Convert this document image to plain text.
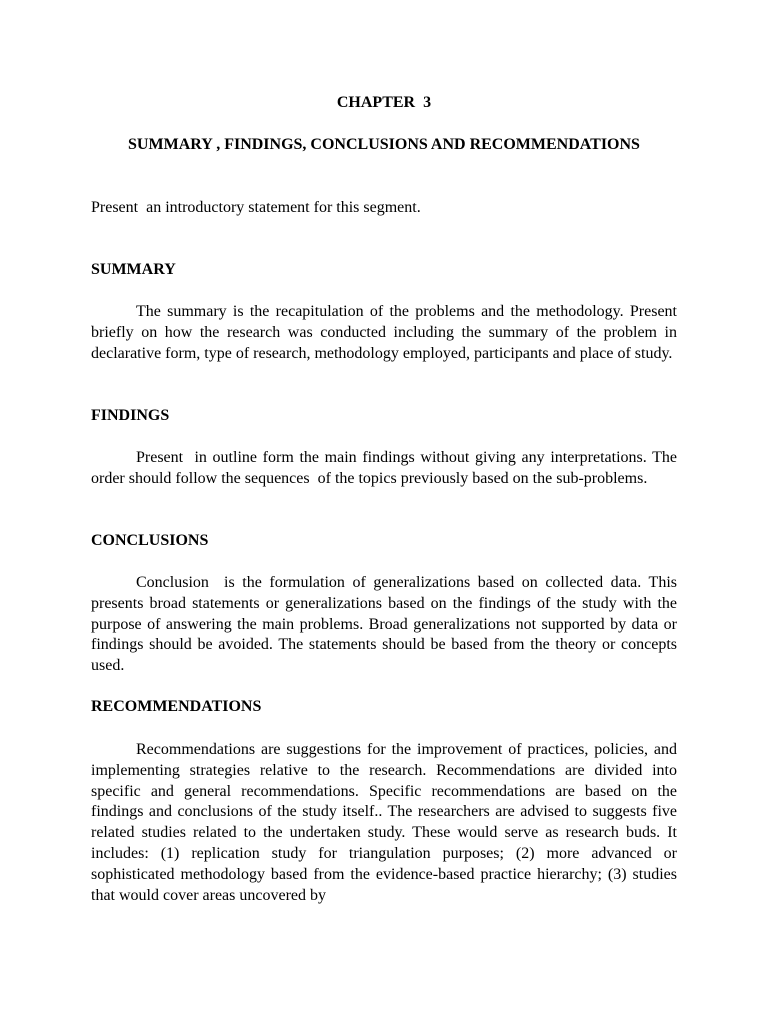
CHAPTER  3
SUMMARY , FINDINGS, CONCLUSIONS AND RECOMMENDATIONS
Present  an introductory statement for this segment.
SUMMARY

The summary is the recapitulation of the problems and the methodology. Present briefly on how the research was conducted including the summary of the problem in declarative form, type of research, methodology employed, participants and place of study.

FINDINGS

Present  in outline form the main findings without giving any interpretations. The order should follow the sequences  of the topics previously based on the sub-problems.

CONCLUSIONS

Conclusion  is the formulation of generalizations based on collected data. This presents broad statements or generalizations based on the findings of the study with the purpose of answering the main problems. Broad generalizations not supported by data or findings should be avoided. The statements should be based from the theory or concepts used.

RECOMMENDATIONS

Recommendations are suggestions for the improvement of practices, policies, and implementing strategies relative to the research. Recommendations are divided into specific and general recommendations. Specific recommendations are based on the findings and conclusions of the study itself.. The researchers are advised to suggests five related studies related to the undertaken study. These would serve as research buds. It includes: (1) replication study for triangulation purposes; (2) more advanced or sophisticated methodology based from the evidence-based practice hierarchy; (3) studies that would cover areas uncovered by
